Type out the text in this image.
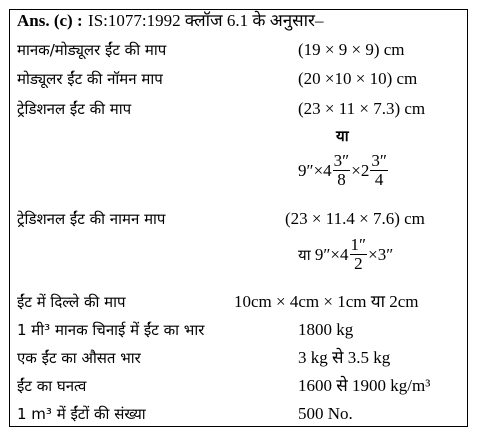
Ans. (c) : IS:1077:1992 क्लॉज 6.1 के अनुसार–
मानक/मोड्यूलर ईंट की माप	(19 × 9 × 9) cm
मोड्यूलर ईंट की नॉमन माप	(20 ×10 × 10) cm
ट्रेडिशनल ईंट की माप	(23 × 11 × 7.3) cm
या
$9''\times 4 \frac{3''}{8} \times 2 \frac{3''}{4}$
ट्रेडिशनल ईंट की नामन माप	(23 × 11.4 × 7.6) cm
या $9''\times 4 \frac{1''}{2} \times 3''$
ईंट में दिल्ले की माप	10cm × 4cm × 1cm या 2cm
1 मी³ मानक चिनाई में ईंट का भार	1800 kg
एक ईंट का औसत भार	3 kg से 3.5 kg
ईंट का घनत्व	1600 से 1900 kg/m³
1 m³ में ईंटों की संख्या	500 No.
